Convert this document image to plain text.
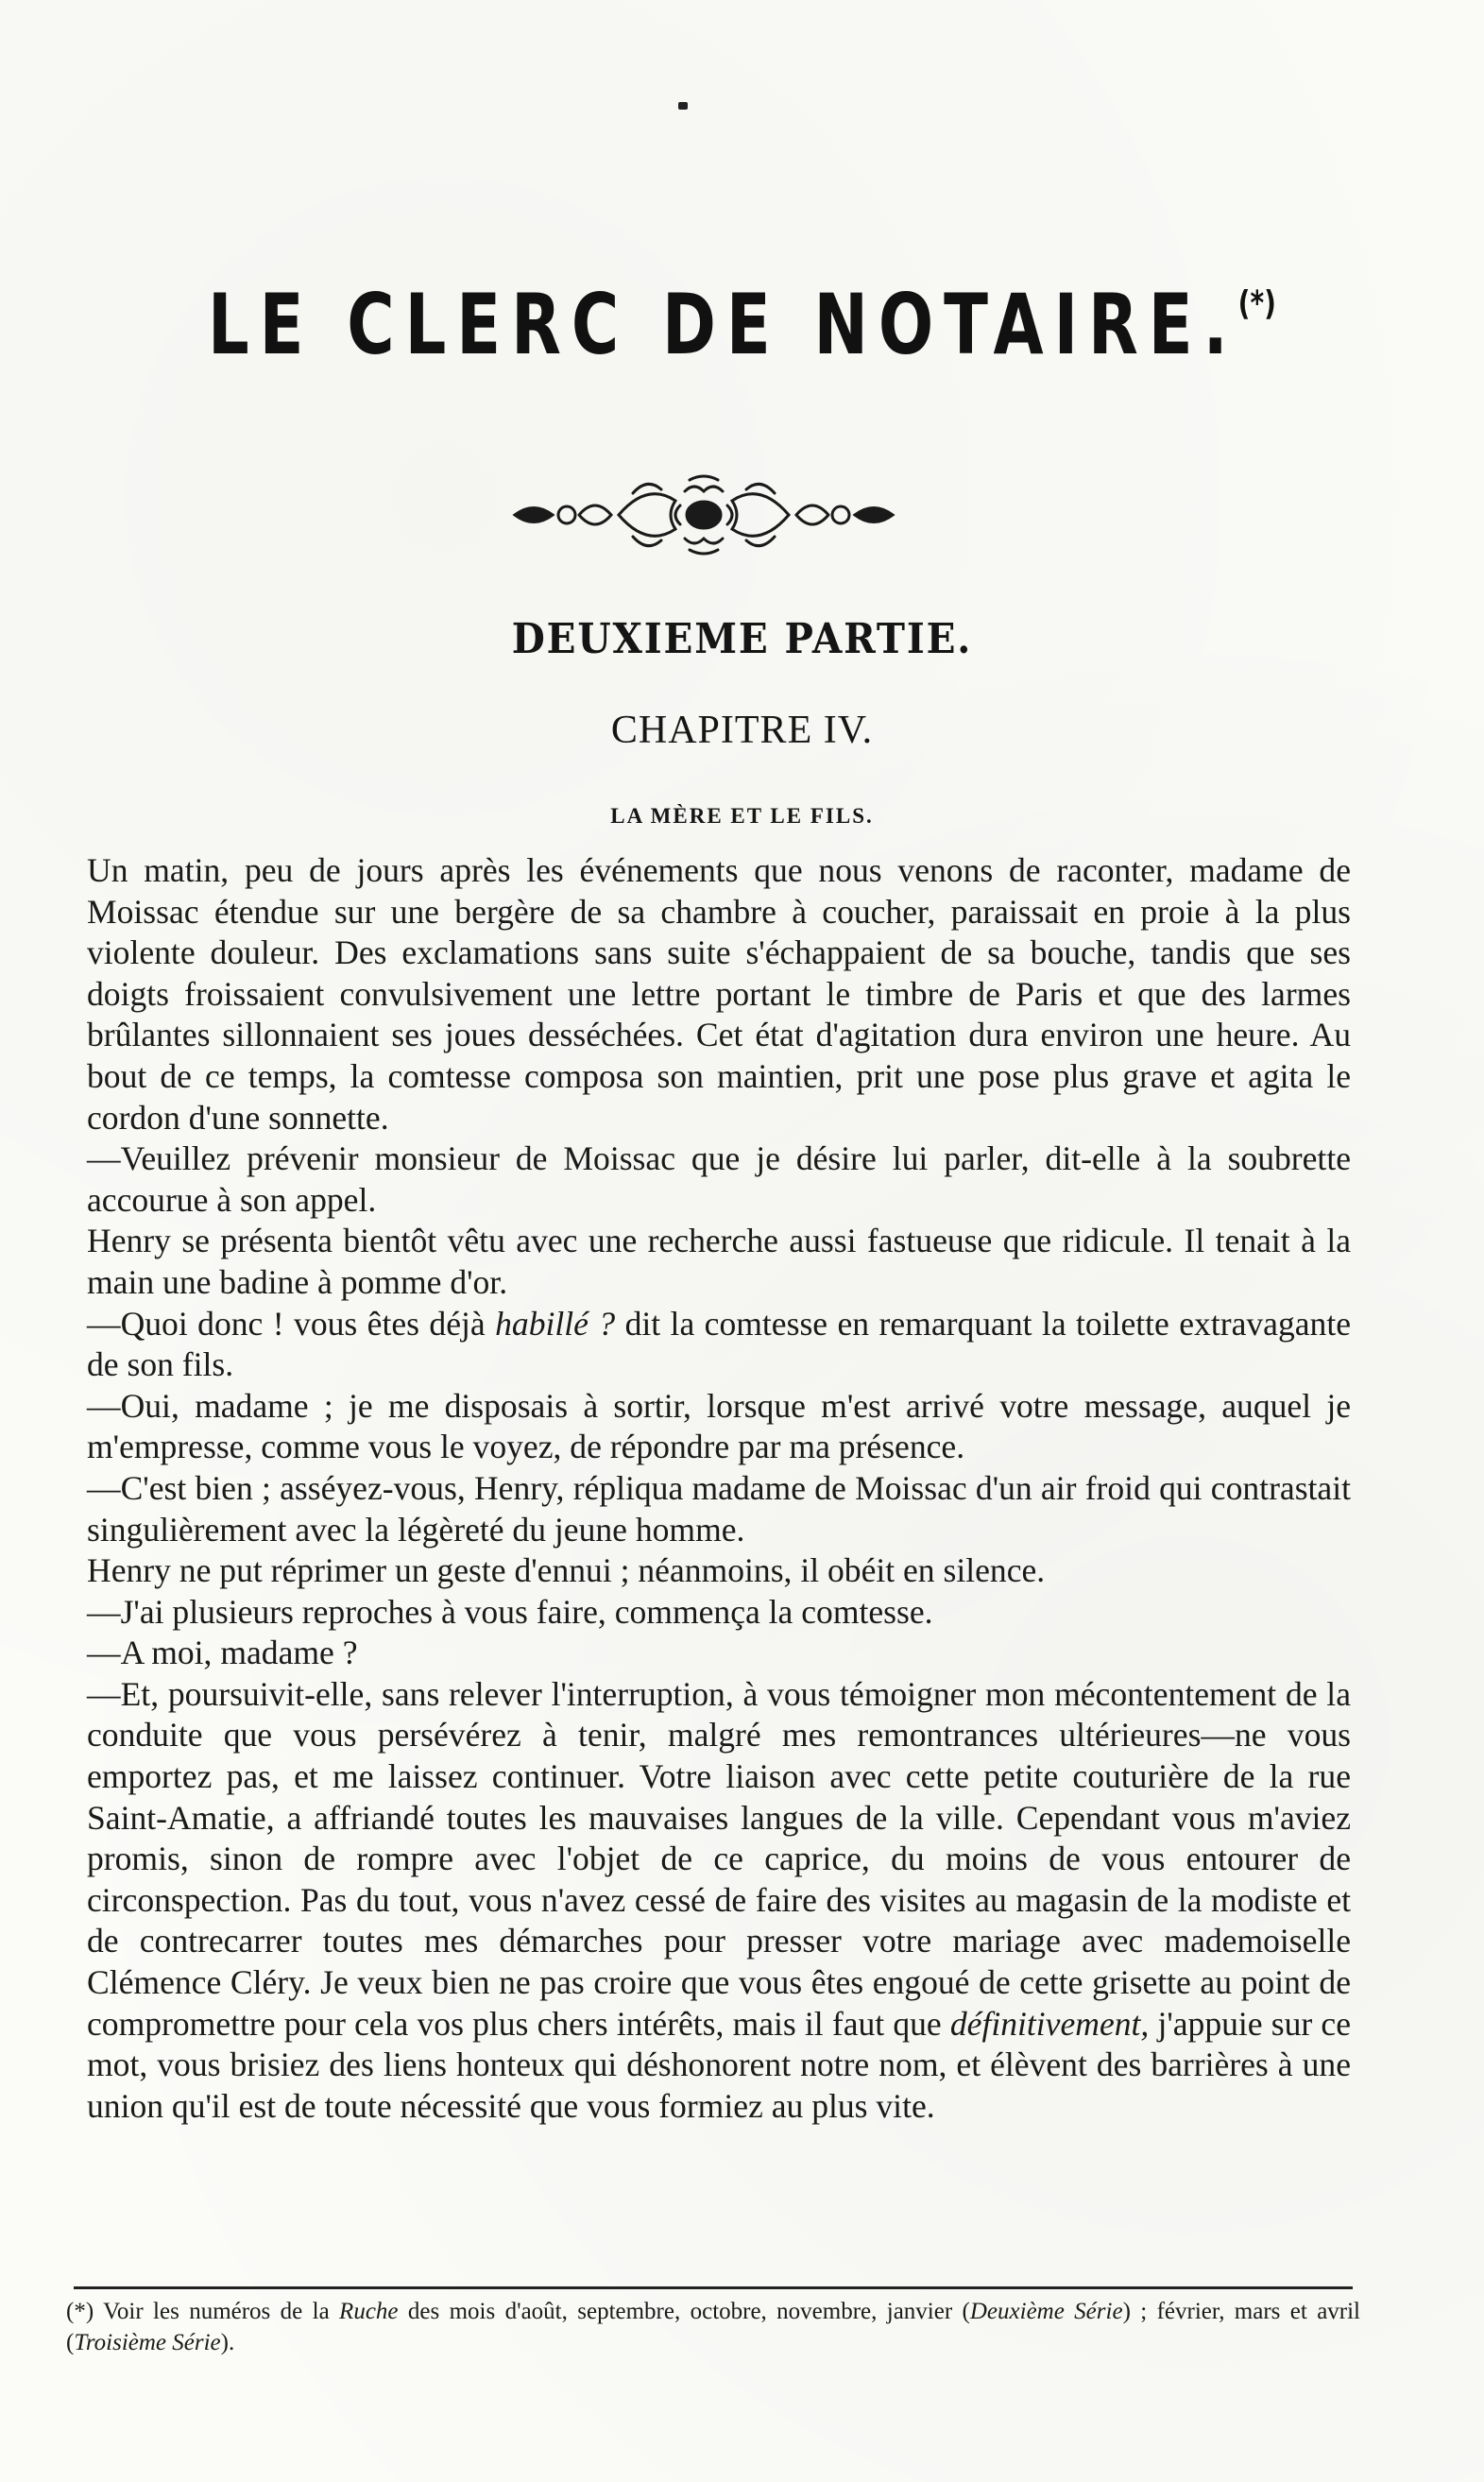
LE CLERC DE NOTAIRE.(*)
DEUXIEME PARTIE.
CHAPITRE IV.
LA MÈRE ET LE FILS.

Un matin, peu de jours après les événements que nous venons de raconter, madame de Moissac étendue sur une bergère de sa chambre à coucher, paraissait en proie à la plus violente douleur. Des exclamations sans suite s'échappaient de sa bouche, tandis que ses doigts froissaient convulsivement une lettre portant le timbre de Paris et que des larmes brûlantes sillonnaient ses joues desséchées. Cet état d'agitation dura environ une heure. Au bout de ce temps, la comtesse composa son maintien, prit une pose plus grave et agita le cordon d'une sonnette.

—Veuillez prévenir monsieur de Moissac que je désire lui parler, dit-elle à la soubrette accourue à son appel.

Henry se présenta bientôt vêtu avec une recherche aussi fastueuse que ridicule. Il tenait à la main une badine à pomme d'or.

—Quoi donc ! vous êtes déjà habillé ? dit la comtesse en remarquant la toilette extravagante de son fils.

—Oui, madame ; je me disposais à sortir, lorsque m'est arrivé votre message, auquel je m'empresse, comme vous le voyez, de répondre par ma présence.

—C'est bien ; asséyez-vous, Henry, répliqua madame de Moissac d'un air froid qui contrastait singulièrement avec la légèreté du jeune homme.

Henry ne put réprimer un geste d'ennui ; néanmoins, il obéit en silence.

—J'ai plusieurs reproches à vous faire, commença la comtesse.

—A moi, madame ?

—Et, poursuivit-elle, sans relever l'interruption, à vous témoigner mon mécontentement de la conduite que vous persévérez à tenir, malgré mes remontrances ultérieures—ne vous emportez pas, et me laissez continuer. Votre liaison avec cette petite couturière de la rue Saint-Amatie, a affriandé toutes les mauvaises langues de la ville. Cependant vous m'aviez promis, sinon de rompre avec l'objet de ce caprice, du moins de vous entourer de circonspection. Pas du tout, vous n'avez cessé de faire des visites au magasin de la modiste et de contrecarrer toutes mes démarches pour presser votre mariage avec mademoiselle Clémence Cléry. Je veux bien ne pas croire que vous êtes engoué de cette grisette au point de compromettre pour cela vos plus chers intérêts, mais il faut que définitivement, j'appuie sur ce mot, vous brisiez des liens honteux qui déshonorent notre nom, et élèvent des barrières à une union qu'il est de toute nécessité que vous formiez au plus vite.

(*) Voir les numéros de la Ruche des mois d'août, septembre, octobre, novembre, janvier (Deuxième Série) ; février, mars et avril (Troisième Série).
